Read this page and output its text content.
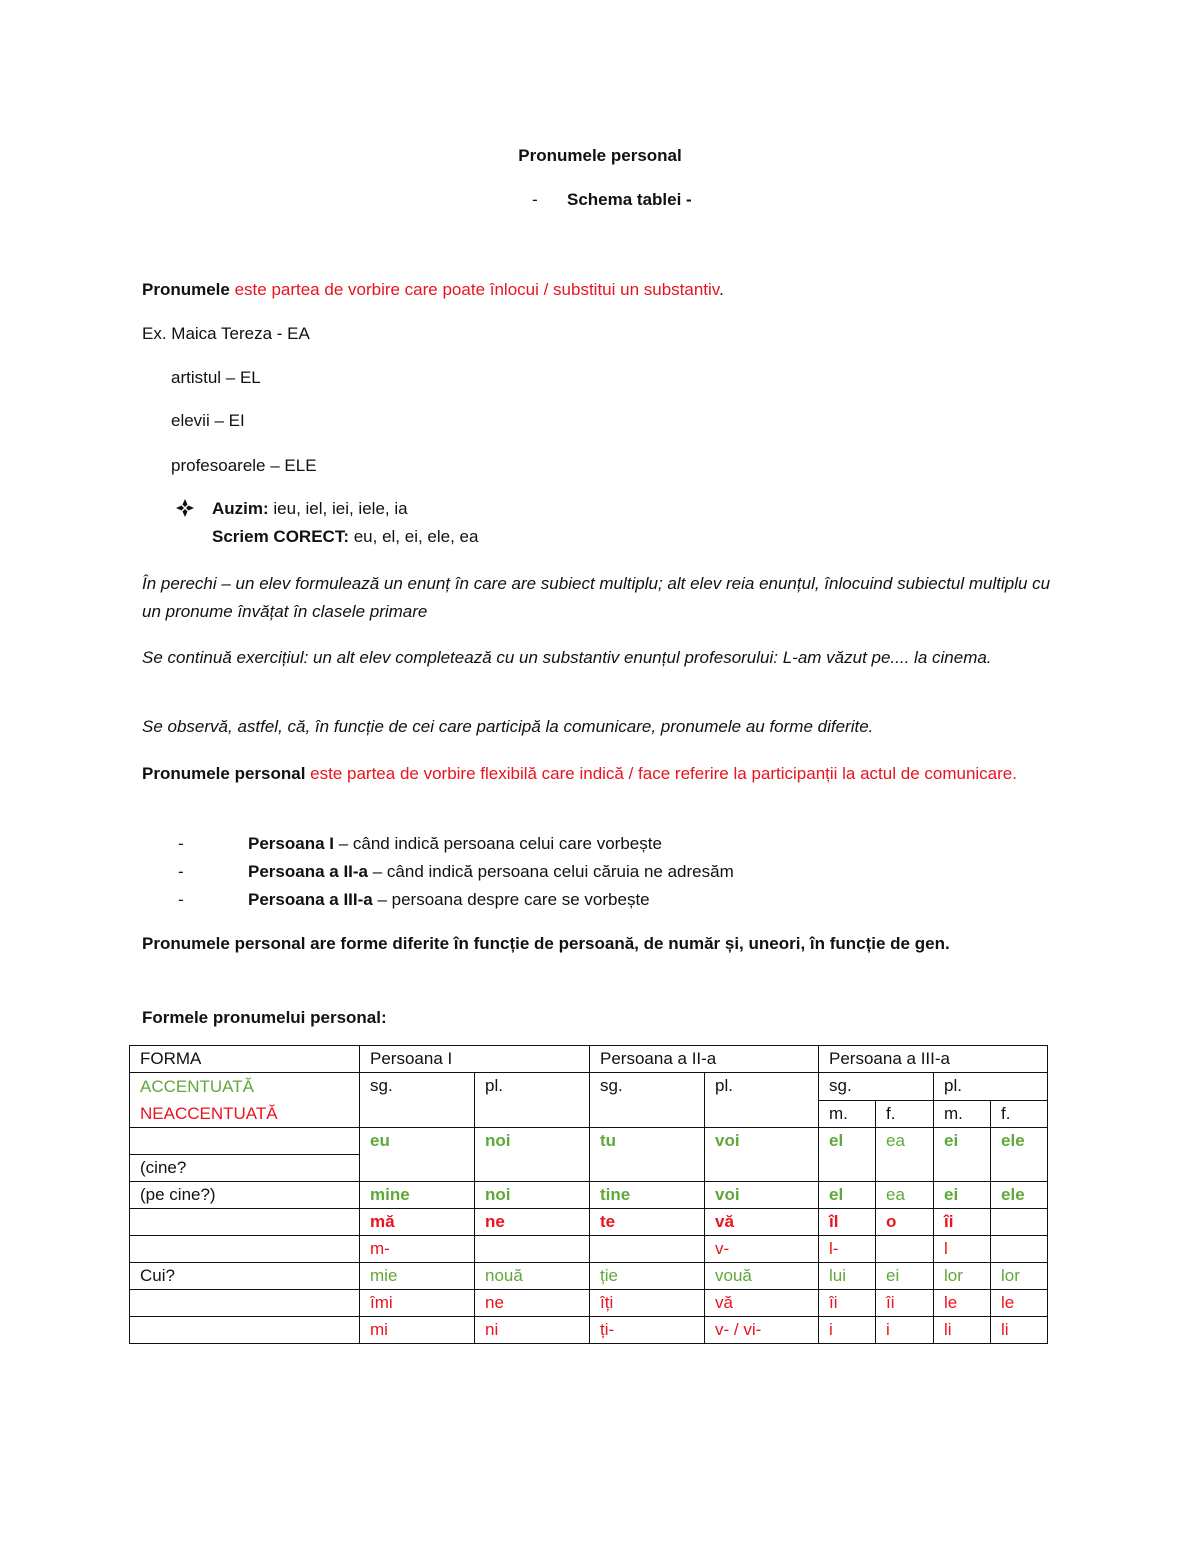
Pronumele personal
- Schema tablei -
Pronumele este partea de vorbire care poate înlocui / substitui un substantiv.
Ex. Maica Tereza - EA
artistul – EL
elevii – EI
profesoarele – ELE
Auzim: ieu, iel, iei, iele, ia
Scriem CORECT: eu, el, ei, ele, ea
În perechi – un elev formulează un enunț în care are subiect multiplu; alt elev reia enunțul, înlocuind subiectul multiplu cu un pronume învățat în clasele primare
Se continuă exercițiul: un alt elev completează cu un substantiv enunțul profesorului: L-am văzut pe.... la cinema.
Se observă, astfel, că, în funcție de cei care participă la comunicare, pronumele au forme diferite.
Pronumele personal este partea de vorbire flexibilă care indică / face referire la participanții la actul de comunicare.
-	Persoana I – când indică persoana celui care vorbește
-	Persoana a II-a – când indică persoana celui căruia ne adresăm
-	Persoana a III-a – persoana despre care se vorbește
Pronumele personal are forme diferite în funcție de persoană, de număr și, uneori, în funcție de gen.
Formele pronumelui personal:
FORMA	Persoana I		Persoana a II-a		Persoana a III-a			

ACCENTUATĂ
NEACCENTUATĂ	sg.	pl.	sg.	pl.	sg.		pl.	
					m.	f.	m.	f.
	eu	noi	tu	voi	el	ea	ei	ele
(cine?								
(pe cine?)	mine	noi	tine	voi	el	ea	ei	ele
	mă	ne	te	vă	îl	o	îi	
	m-			v-	l-		l	
Cui?	mie	nouă	ție	vouă	lui	ei	lor	lor
	îmi	ne	îți	vă	îi	îi	le	le
	mi	ni	ți-	v- / vi-	i	i	li	li
